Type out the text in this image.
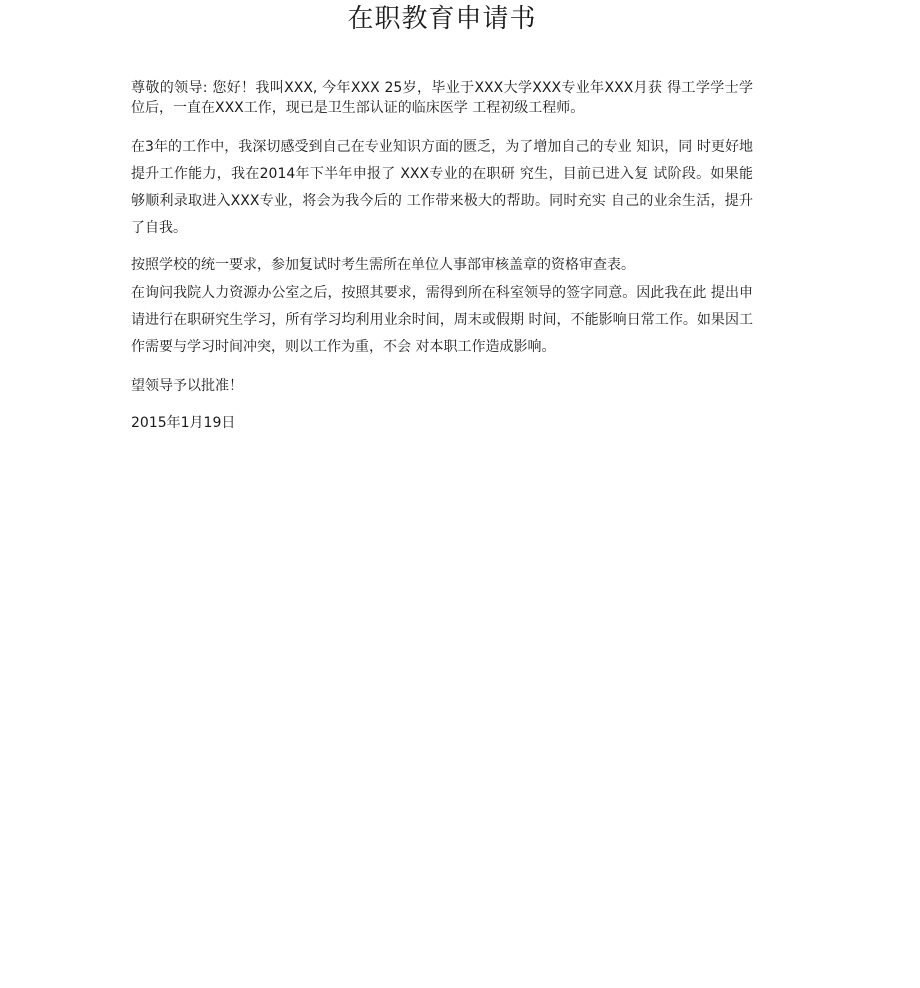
在职教育申请书

尊敬的领导: 您好！我叫XXX, 今年XXX 25岁，毕业于XXX大学XXX专业年XXX月获 得工学学士学位后，一直在XXX工作，现已是卫生部认证的临床医学 工程初级工程师。

在3年的工作中，我深切感受到自己在专业知识方面的匮乏，为了增加自己的专业 知识，同 时更好地提升工作能力，我在2014年下半年申报了 XXX专业的在职研 究生，目前已进入复 试阶段。如果能够顺利录取进入XXX专业，将会为我今后的 工作带来极大的帮助。同时充实 自己的业余生活，提升了自我。

按照学校的统一要求，参加复试时考生需所在单位人事部审核盖章的资格审查表。

在询问我院人力资源办公室之后，按照其要求，需得到所在科室领导的签字同意。因此我在此 提出申请进行在职研究生学习，所有学习均利用业余时间，周末或假期 时间，不能影响日常工作。如果因工作需要与学习时间冲突，则以工作为重，不会 对本职工作造成影响。

望领导予以批准！

2015年1月19日
